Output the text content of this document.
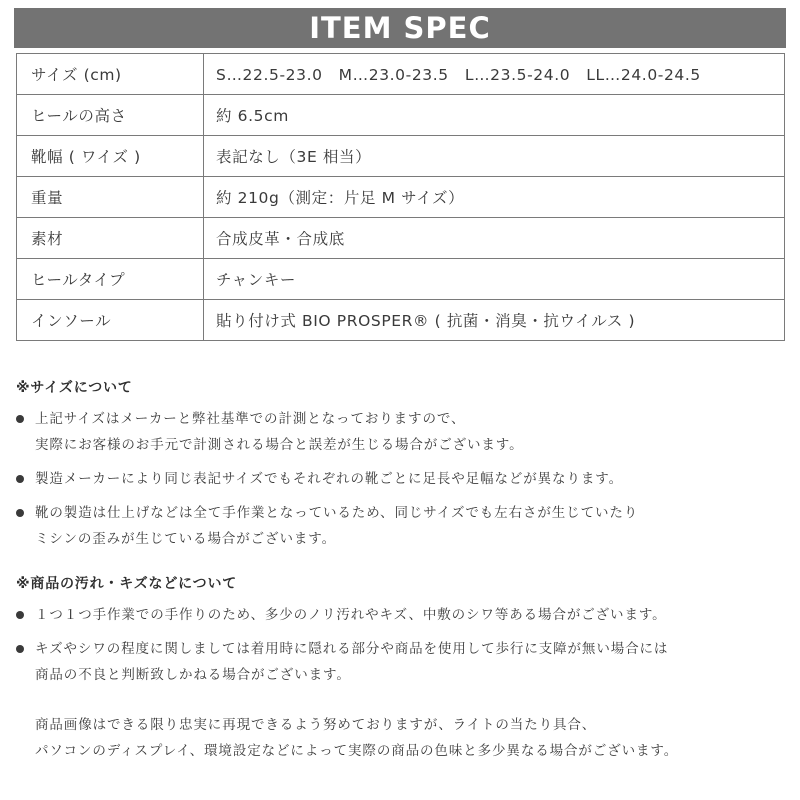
ITEM SPEC
サイズ (cm)	S…22.5-23.0　M…23.0-23.5　L…23.5-24.0　LL…24.0-24.5
ヒールの高さ	約 6.5cm
靴幅 ( ワイズ )	表記なし（3E 相当）
重量	約 210g（測定：片足 M サイズ）
素材	合成皮革・合成底
ヒールタイプ	チャンキー
インソール	貼り付け式 BIO PROSPER® ( 抗菌・消臭・抗ウイルス )
※サイズについて
上記サイズはメーカーと弊社基準での計測となっておりますので、
実際にお客様のお手元で計測される場合と誤差が生じる場合がございます。
製造メーカーにより同じ表記サイズでもそれぞれの靴ごとに足長や足幅などが異なります。
靴の製造は仕上げなどは全て手作業となっているため、同じサイズでも左右さが生じていたり
ミシンの歪みが生じている場合がございます。
※商品の汚れ・キズなどについて
１つ１つ手作業での手作りのため、多少のノリ汚れやキズ、中敷のシワ等ある場合がございます。
キズやシワの程度に関しましては着用時に隠れる部分や商品を使用して歩行に支障が無い場合には
商品の不良と判断致しかねる場合がございます。
商品画像はできる限り忠実に再現できるよう努めておりますが、ライトの当たり具合、
パソコンのディスプレイ、環境設定などによって実際の商品の色味と多少異なる場合がございます。
